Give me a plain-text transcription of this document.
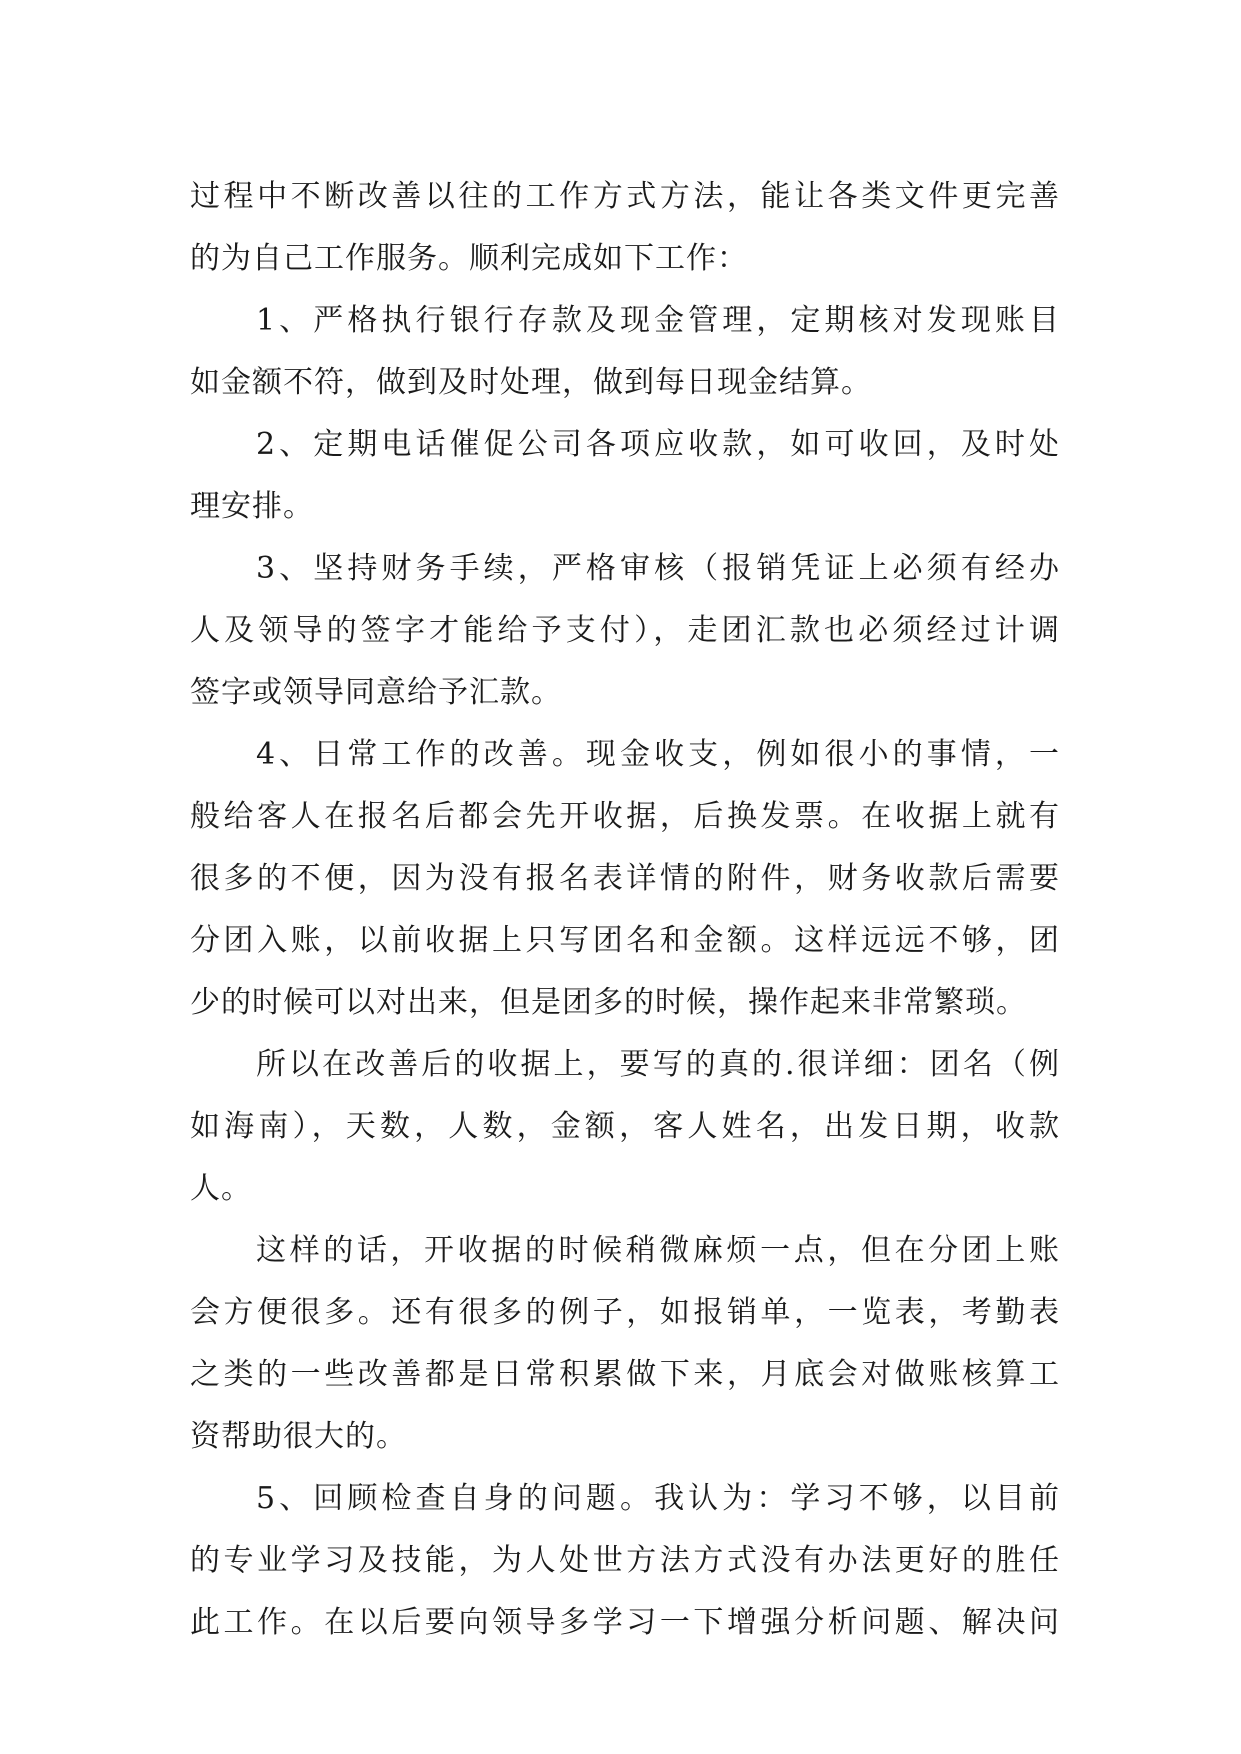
过程中不断改善以往的工作方式方法，能让各类文件更完善
的为自己工作服务。顺利完成如下工作：
1、严格执行银行存款及现金管理，定期核对发现账目
如金额不符，做到及时处理，做到每日现金结算。
2、定期电话催促公司各项应收款，如可收回，及时处
理安排。
3、坚持财务手续，严格审核（报销凭证上必须有经办
人及领导的签字才能给予支付），走团汇款也必须经过计调
签字或领导同意给予汇款。
4、日常工作的改善。现金收支，例如很小的事情，一
般给客人在报名后都会先开收据，后换发票。在收据上就有
很多的不便，因为没有报名表详情的附件，财务收款后需要
分团入账，以前收据上只写团名和金额。这样远远不够，团
少的时候可以对出来，但是团多的时候，操作起来非常繁琐。
所以在改善后的收据上，要写的真的.很详细：团名（例
如海南），天数，人数，金额，客人姓名，出发日期，收款
人。
这样的话，开收据的时候稍微麻烦一点，但在分团上账
会方便很多。还有很多的例子，如报销单，一览表，考勤表
之类的一些改善都是日常积累做下来，月底会对做账核算工
资帮助很大的。
5、回顾检查自身的问题。我认为：学习不够，以目前
的专业学习及技能，为人处世方法方式没有办法更好的胜任
此工作。在以后要向领导多学习一下增强分析问题、解决问
